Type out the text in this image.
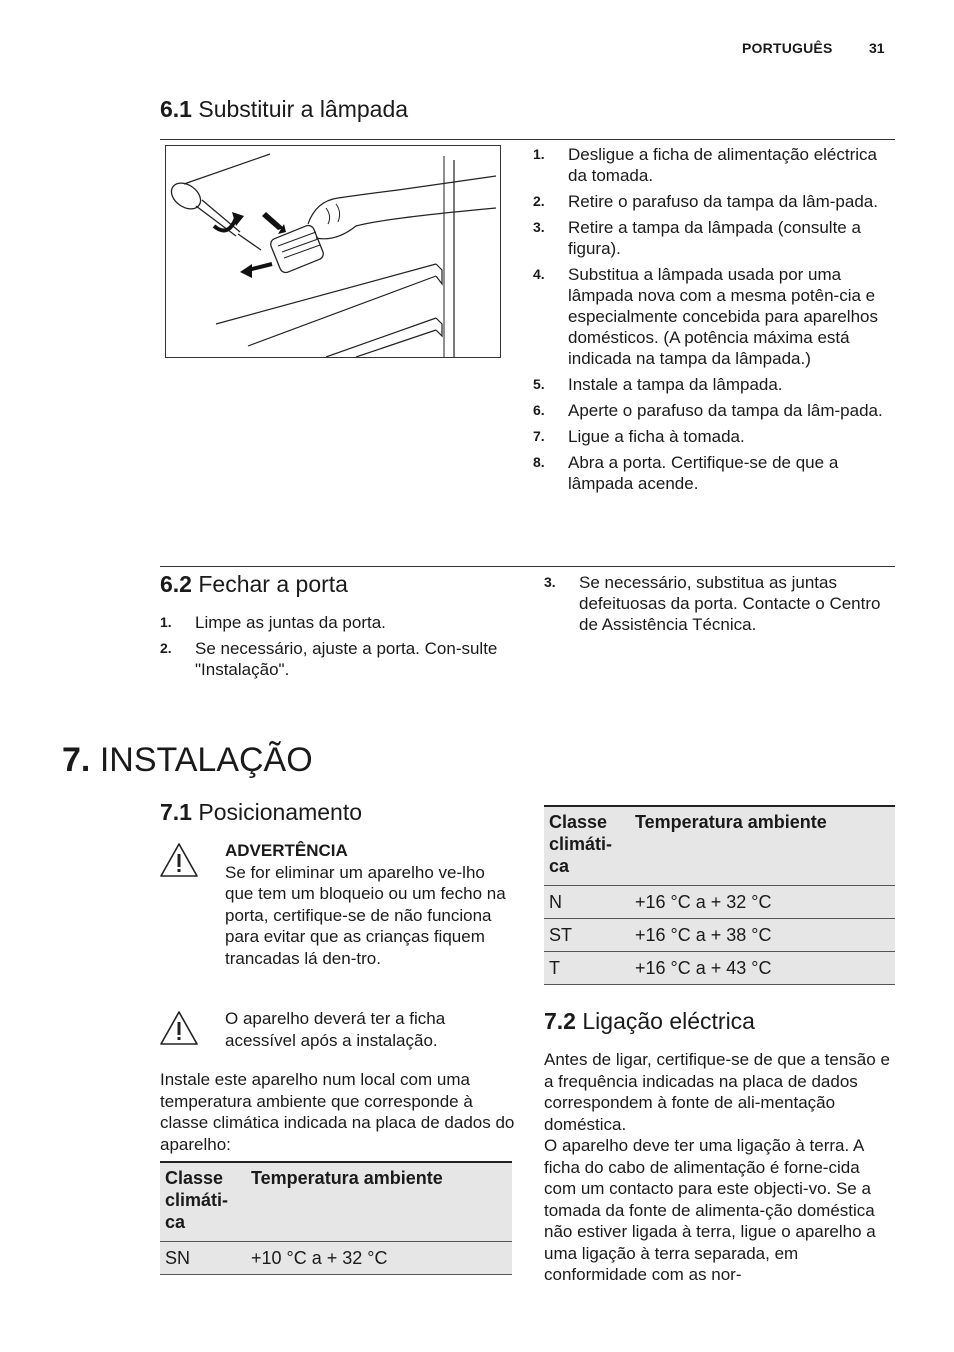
PORTUGUÊS	31
6.1 Substituir a lâmpada
1. Desligue a ficha de alimentação eléctrica da tomada.
2. Retire o parafuso da tampa da lâm-pada.
3. Retire a tampa da lâmpada (consulte a figura).
4. Substitua a lâmpada usada por uma lâmpada nova com a mesma potên-cia e especialmente concebida para aparelhos domésticos. (A potência máxima está indicada na tampa da lâmpada.)
5. Instale a tampa da lâmpada.
6. Aperte o parafuso da tampa da lâm-pada.
7. Ligue a ficha à tomada.
8. Abra a porta. Certifique-se de que a lâmpada acende.
6.2 Fechar a porta
1. Limpe as juntas da porta.
2. Se necessário, ajuste a porta. Con-sulte "Instalação".
3. Se necessário, substitua as juntas defeituosas da porta. Contacte o Centro de Assistência Técnica.
7. INSTALAÇÃO
7.1 Posicionamento
ADVERTÊNCIA
Se for eliminar um aparelho ve-lho que tem um bloqueio ou um fecho na porta, certifique-se de não funciona para evitar que as crianças fiquem trancadas lá den-tro.
O aparelho deverá ter a ficha acessível após a instalação.
Instale este aparelho num local com uma temperatura ambiente que corresponde à classe climática indicada na placa de dados do aparelho:
Classe climáti-ca	Temperatura ambiente
SN	+10 °C a + 32 °C
Classe climáti-ca	Temperatura ambiente
N	+16 °C a + 32 °C
ST	+16 °C a + 38 °C
T	+16 °C a + 43 °C
7.2 Ligação eléctrica
Antes de ligar, certifique-se de que a tensão e a frequência indicadas na placa de dados correspondem à fonte de ali-mentação doméstica.
O aparelho deve ter uma ligação à terra. A ficha do cabo de alimentação é forne-cida com um contacto para este objecti-vo. Se a tomada da fonte de alimenta-ção doméstica não estiver ligada à terra, ligue o aparelho a uma ligação à terra separada, em conformidade com as nor-
